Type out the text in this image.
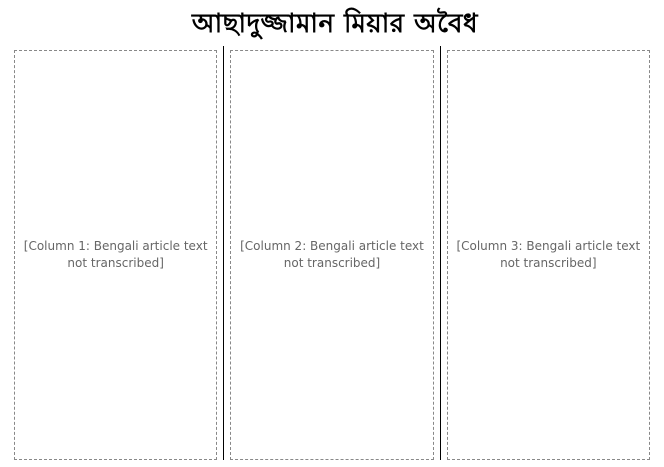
আছাদুজ্জামান মিয়ার অবৈধ
[Column 1: Bengali article text not transcribed]
[Column 2: Bengali article text not transcribed]
[Column 3: Bengali article text not transcribed]
